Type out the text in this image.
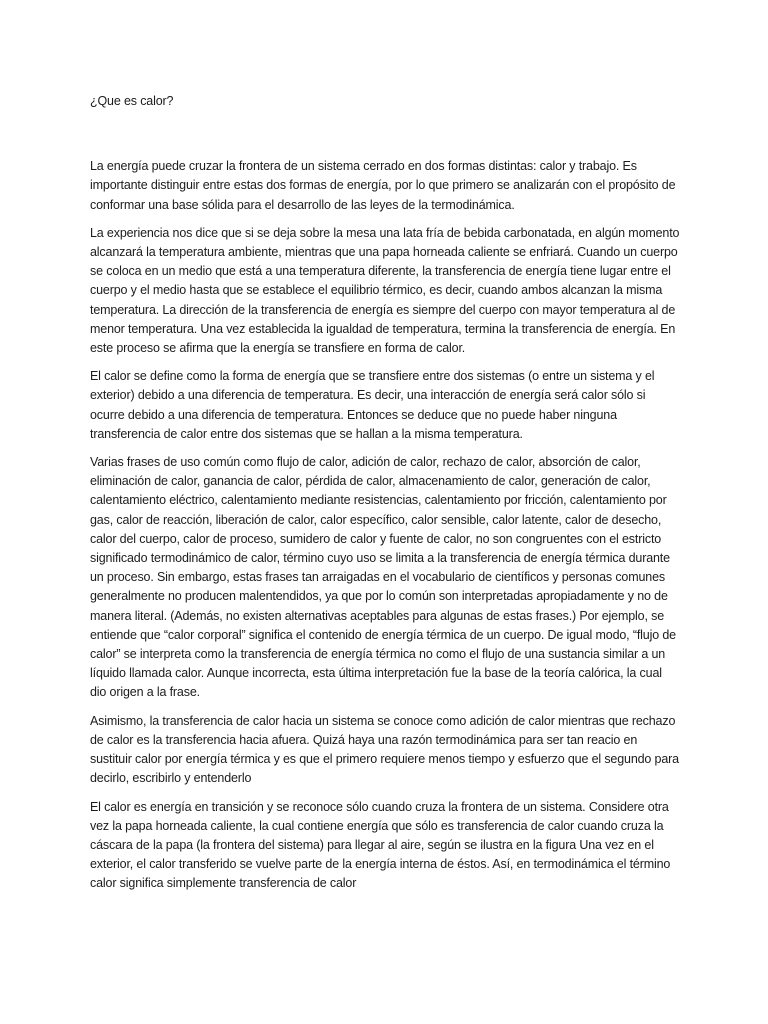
¿Que es calor?

La energía puede cruzar la frontera de un sistema cerrado en dos formas distintas: calor y trabajo. Es importante distinguir entre estas dos formas de energía, por lo que primero se analizarán con el propósito de conformar una base sólida para el desarrollo de las leyes de la termodinámica.

La experiencia nos dice que si se deja sobre la mesa una lata fría de bebida carbonatada, en algún momento alcanzará la temperatura ambiente, mientras que una papa horneada caliente se enfriará. Cuando un cuerpo se coloca en un medio que está a una temperatura diferente, la transferencia de energía tiene lugar entre el cuerpo y el medio hasta que se establece el equilibrio térmico, es decir, cuando ambos alcanzan la misma temperatura. La dirección de la transferencia de energía es siempre del cuerpo con mayor temperatura al de menor temperatura. Una vez establecida la igualdad de temperatura, termina la transferencia de energía. En este proceso se afirma que la energía se transfiere en forma de calor.

El calor se define como la forma de energía que se transfiere entre dos sistemas (o entre un sistema y el exterior) debido a una diferencia de temperatura. Es decir, una interacción de energía será calor sólo si ocurre debido a una diferencia de temperatura. Entonces se deduce que no puede haber ninguna transferencia de calor entre dos sistemas que se hallan a la misma temperatura.

Varias frases de uso común como flujo de calor, adición de calor, rechazo de calor, absorción de calor, eliminación de calor, ganancia de calor, pérdida de calor, almacenamiento de calor, generación de calor, calentamiento eléctrico, calentamiento mediante resistencias, calentamiento por fricción, calentamiento por gas, calor de reacción, liberación de calor, calor específico, calor sensible, calor latente, calor de desecho, calor del cuerpo, calor de proceso, sumidero de calor y fuente de calor, no son congruentes con el estricto significado termodinámico de calor, término cuyo uso se limita a la transferencia de energía térmica durante un proceso. Sin embargo, estas frases tan arraigadas en el vocabulario de científicos y personas comunes generalmente no producen malentendidos, ya que por lo común son interpretadas apropiadamente y no de manera literal. (Además, no existen alternativas aceptables para algunas de estas frases.) Por ejemplo, se entiende que “calor corporal” significa el contenido de energía térmica de un cuerpo. De igual modo, “flujo de calor” se interpreta como la transferencia de energía térmica no como el flujo de una sustancia similar a un líquido llamada calor. Aunque incorrecta, esta última interpretación fue la base de la teoría calórica, la cual dio origen a la frase.

Asimismo, la transferencia de calor hacia un sistema se conoce como adición de calor mientras que rechazo de calor es la transferencia hacia afuera. Quizá haya una razón termodinámica para ser tan reacio en sustituir calor por energía térmica y es que el primero requiere menos tiempo y esfuerzo que el segundo para decirlo, escribirlo y entenderlo

El calor es energía en transición y se reconoce sólo cuando cruza la frontera de un sistema. Considere otra vez la papa horneada caliente, la cual contiene energía que sólo es transferencia de calor cuando cruza la cáscara de la papa (la frontera del sistema) para llegar al aire, según se ilustra en la figura Una vez en el exterior, el calor transferido se vuelve parte de la energía interna de éstos. Así, en termodinámica el término calor significa simplemente transferencia de calor
